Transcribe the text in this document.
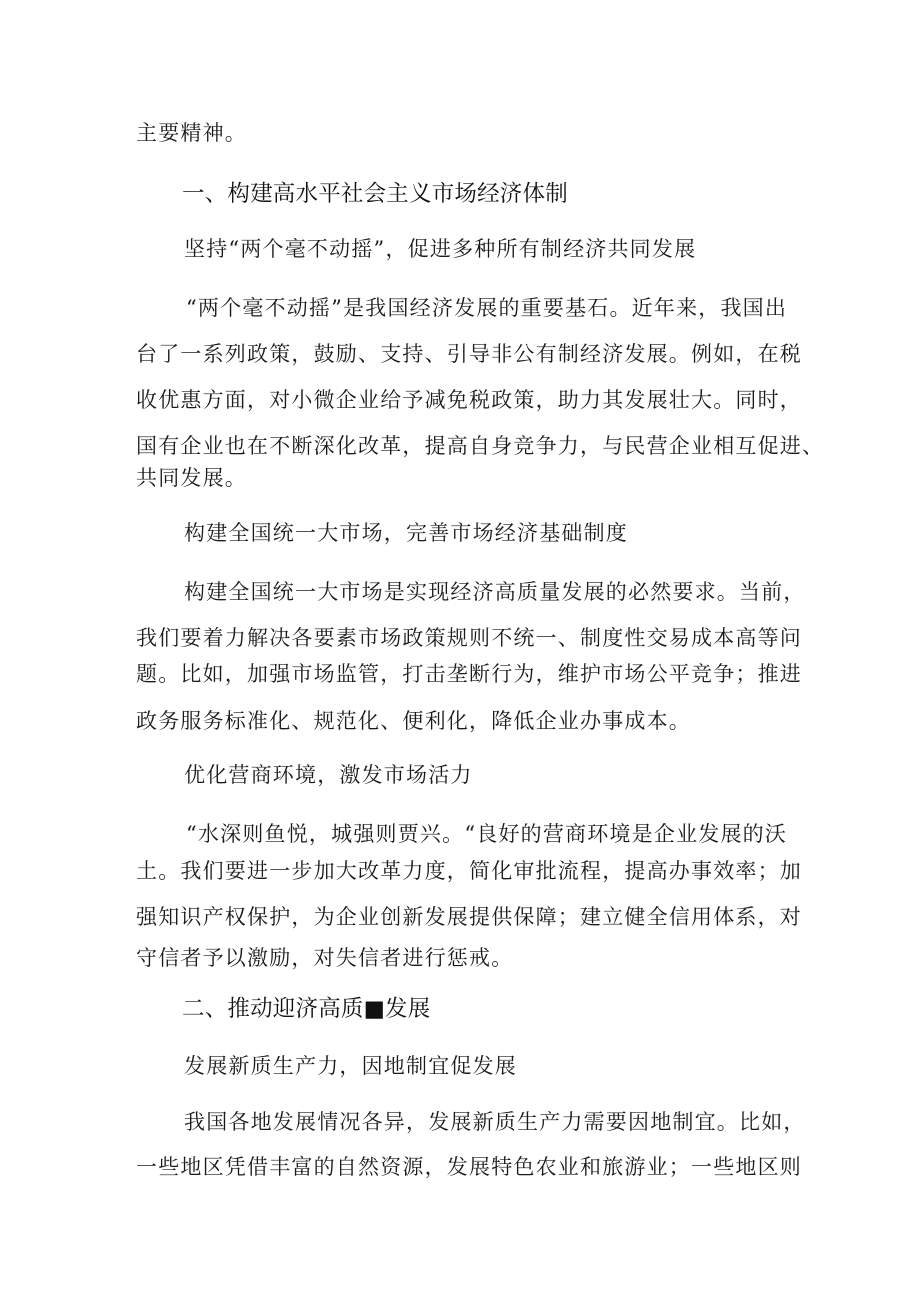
主要精神。
一、构建高水平社会主义市场经济体制
坚持“两个毫不动摇”，促进多种所有制经济共同发展
“两个毫不动摇”是我国经济发展的重要基石。近年来，我国出
台了一系列政策，鼓励、支持、引导非公有制经济发展。例如，在税
收优惠方面，对小微企业给予减免税政策，助力其发展壮大。同时，
国有企业也在不断深化改革，提高自身竞争力，与民营企业相互促进、
共同发展。
构建全国统一大市场，完善市场经济基础制度
构建全国统一大市场是实现经济高质量发展的必然要求。当前，
我们要着力解决各要素市场政策规则不统一、制度性交易成本高等问
题。比如，加强市场监管，打击垄断行为，维护市场公平竞争；推进
政务服务标准化、规范化、便利化，降低企业办事成本。
优化营商环境，激发市场活力
“水深则鱼悦，城强则贾兴。“良好的营商环境是企业发展的沃
土。我们要进一步加大改革力度，简化审批流程，提高办事效率；加
强知识产权保护，为企业创新发展提供保障；建立健全信用体系，对
守信者予以激励，对失信者进行惩戒。
二、推动迎济高质■发展
发展新质生产力，因地制宜促发展
我国各地发展情况各异，发展新质生产力需要因地制宜。比如，
一些地区凭借丰富的自然资源，发展特色农业和旅游业；一些地区则
